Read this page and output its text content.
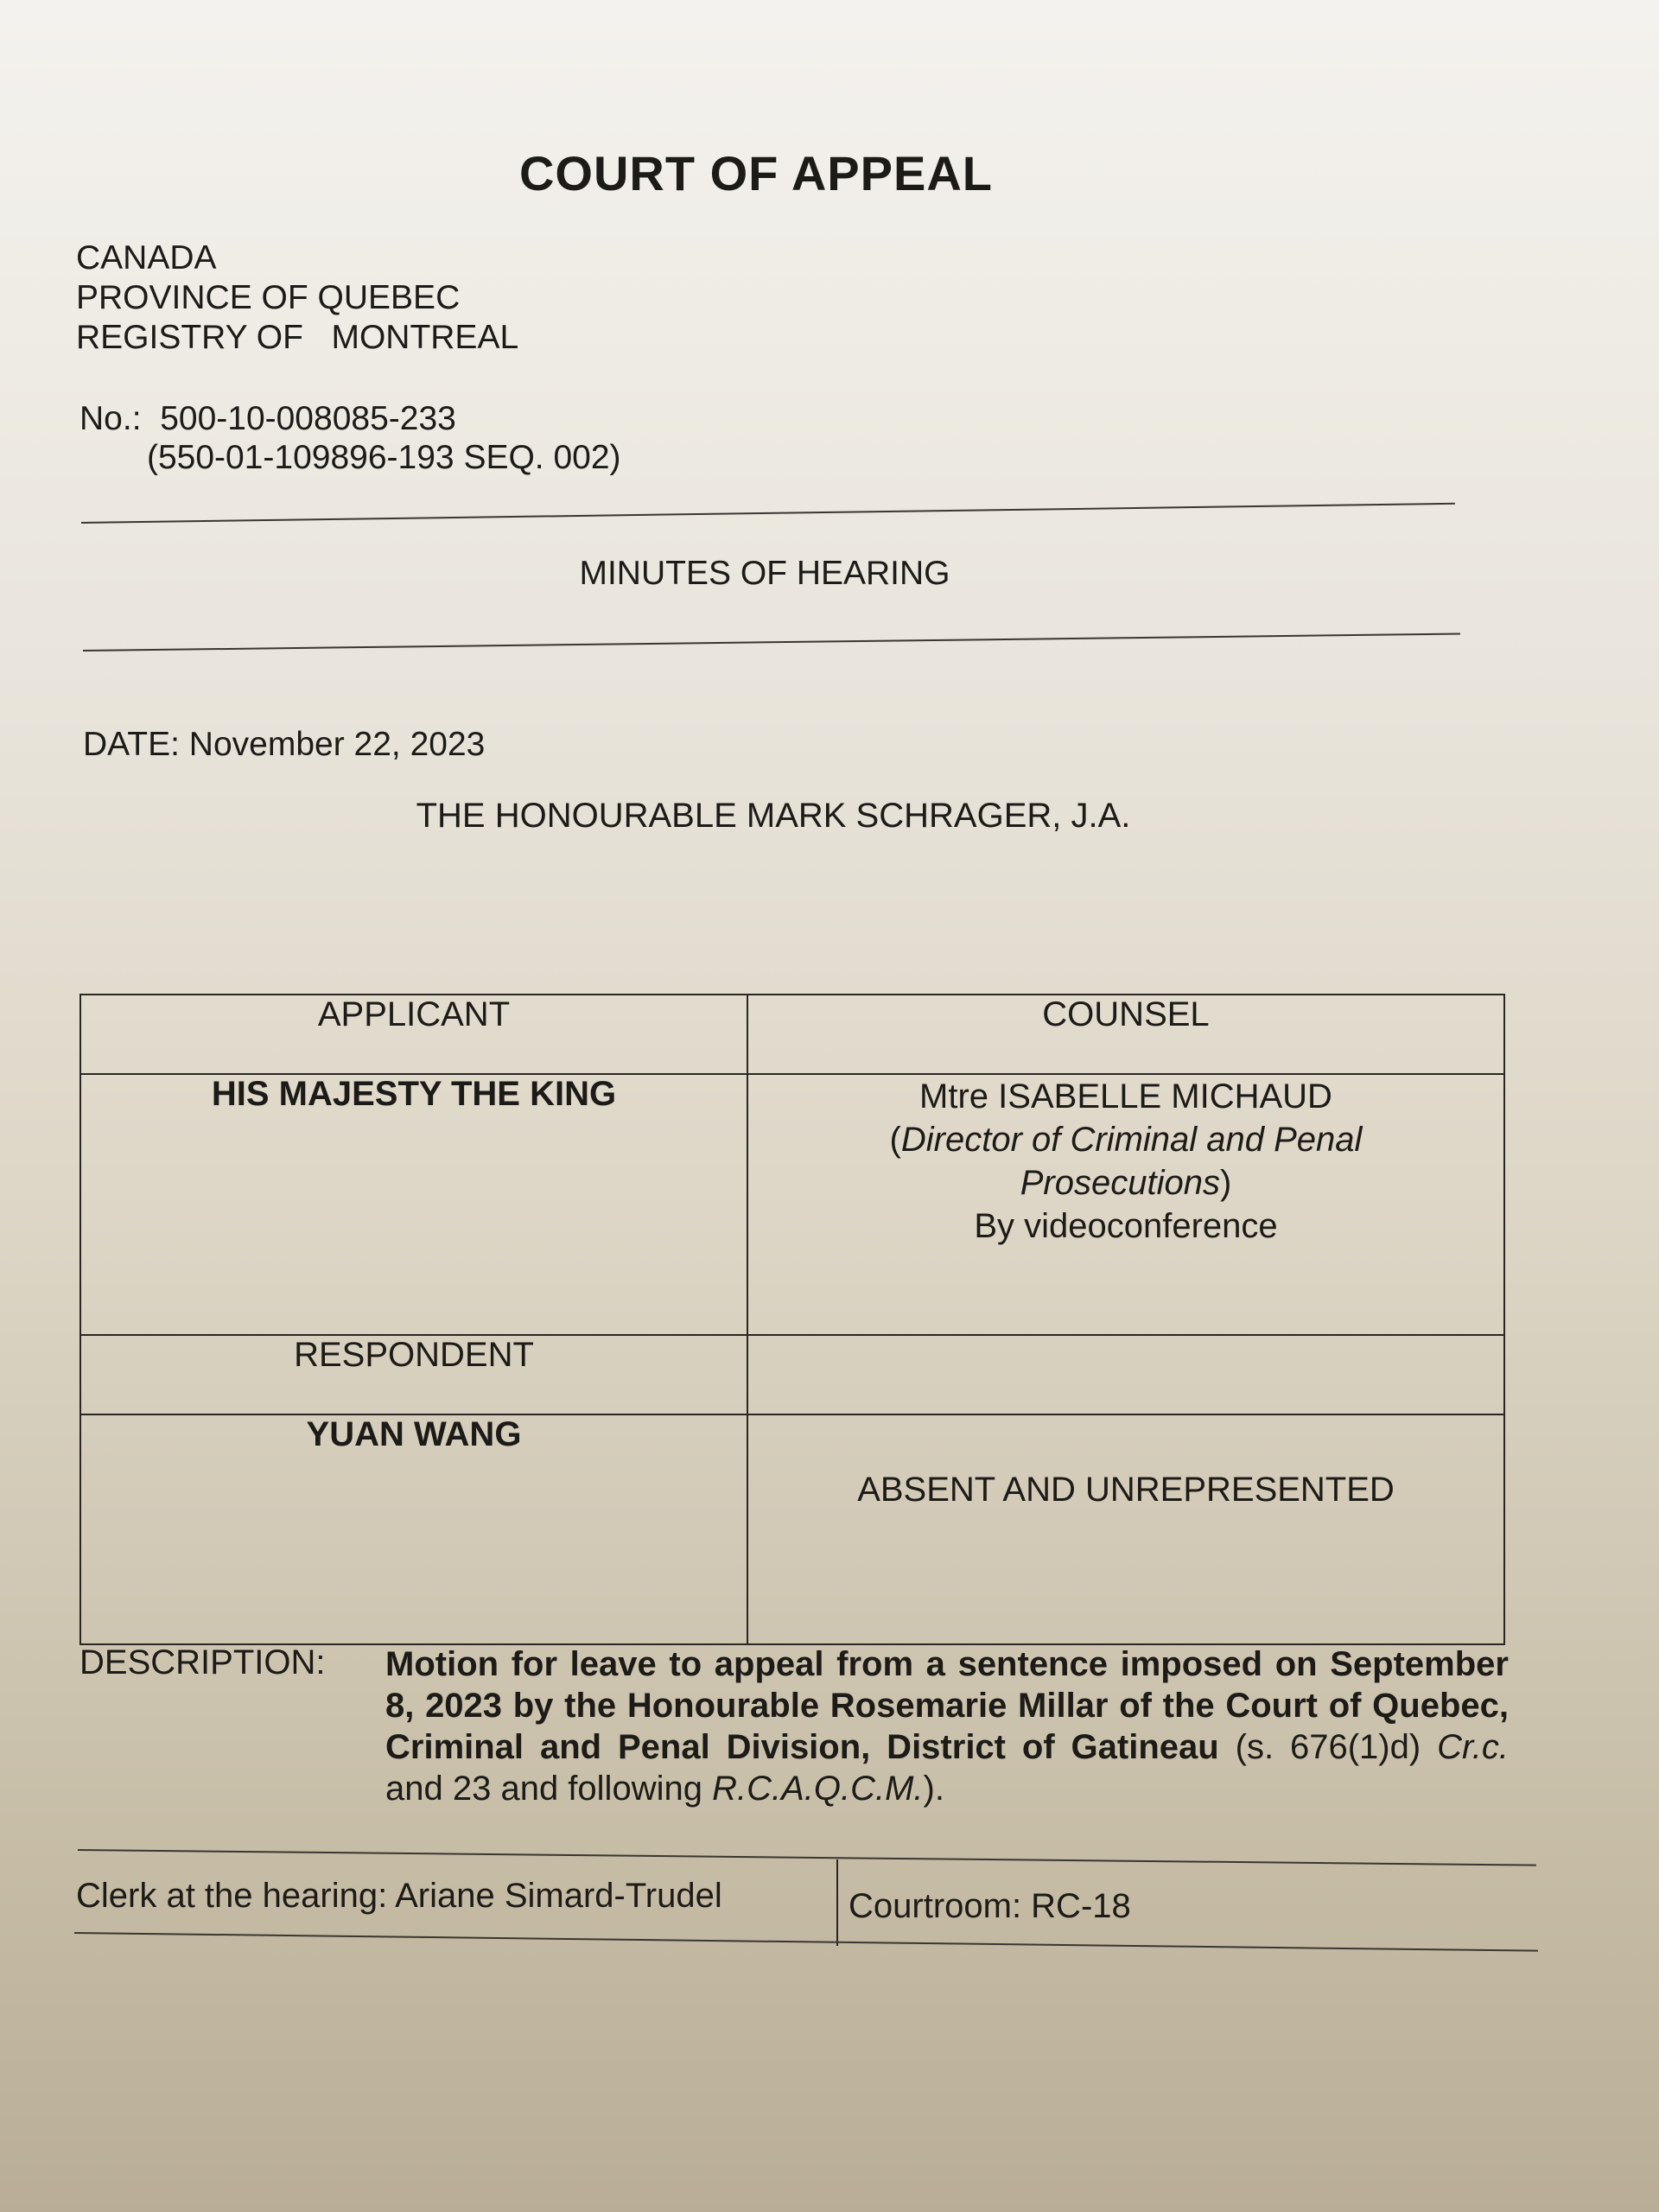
COURT OF APPEAL
CANADA
PROVINCE OF QUEBEC
REGISTRY OF   MONTREAL
No.:  500-10-008085-233
(550-01-109896-193 SEQ. 002)
MINUTES OF HEARING
DATE: November 22, 2023
THE HONOURABLE MARK SCHRAGER, J.A.
APPLICANT	COUNSEL
HIS MAJESTY THE KING	Mtre ISABELLE MICHAUD
(Director of Criminal and Penal Prosecutions)
By videoconference

RESPONDENT	
YUAN WANG	ABSENT AND UNREPRESENTED
DESCRIPTION: Motion for leave to appeal from a sentence imposed on September 8, 2023 by the Honourable Rosemarie Millar of the Court of Quebec, Criminal and Penal Division, District of Gatineau (s. 676(1)d) Cr.c. and 23 and following R.C.A.Q.C.M.).
Clerk at the hearing: Ariane Simard-Trudel	Courtroom: RC-18
